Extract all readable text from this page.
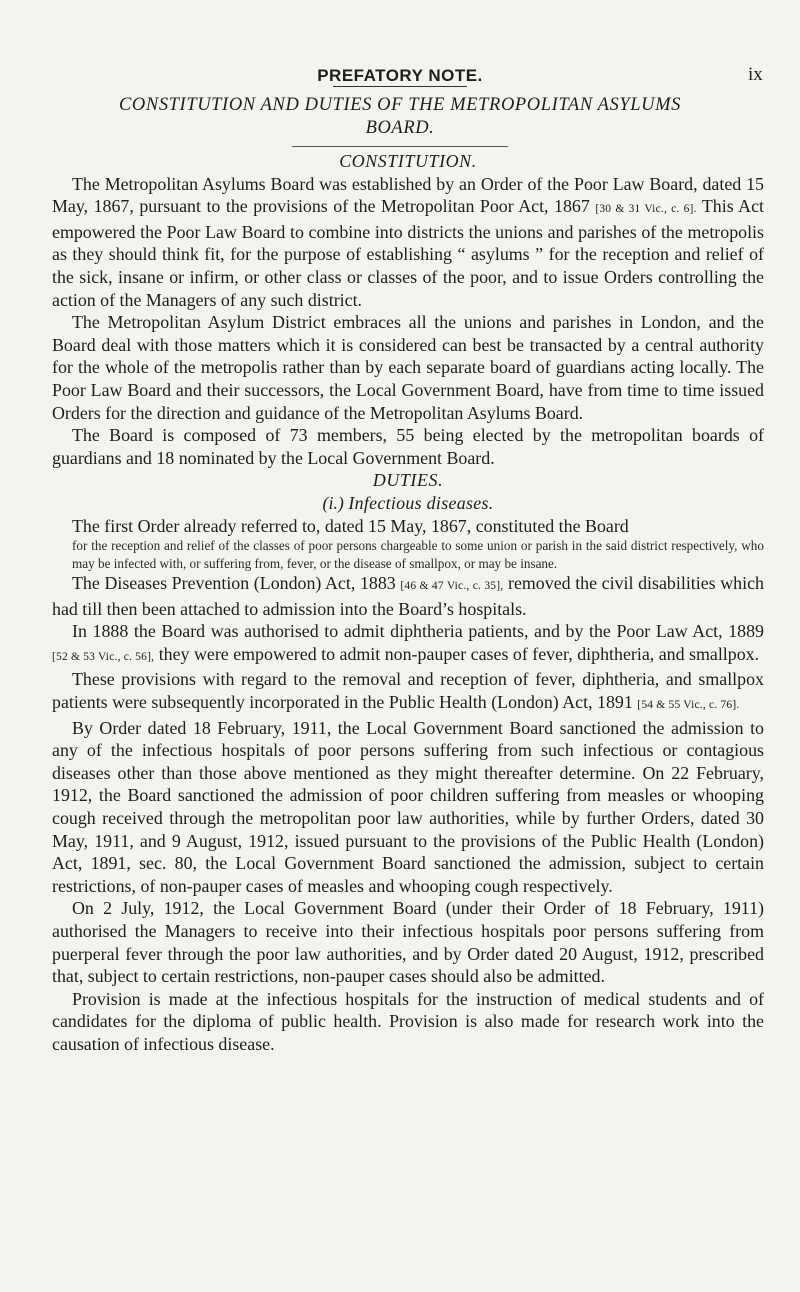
PREFATORY NOTE.	ix
CONSTITUTION AND DUTIES OF THE METROPOLITAN ASYLUMS
BOARD.
CONSTITUTION.

The Metropolitan Asylums Board was established by an Order of the Poor Law Board, dated 15 May, 1867, pursuant to the provisions of the Metropolitan Poor Act, 1867 [30 & 31 Vic., c. 6]. This Act empowered the Poor Law Board to combine into districts the unions and parishes of the metropolis as they should think fit, for the purpose of establishing “ asylums ” for the reception and relief of the sick, insane or infirm, or other class or classes of the poor, and to issue Orders controlling the action of the Managers of any such district.

The Metropolitan Asylum District embraces all the unions and parishes in London, and the Board deal with those matters which it is considered can best be transacted by a central authority for the whole of the metropolis rather than by each separate board of guardians acting locally. The Poor Law Board and their successors, the Local Government Board, have from time to time issued Orders for the direction and guidance of the Metropolitan Asylums Board.

The Board is composed of 73 members, 55 being elected by the metropolitan boards of guardians and 18 nominated by the Local Government Board.

DUTIES.
(i.) Infectious diseases.

The first Order already referred to, dated 15 May, 1867, constituted the Board

for the reception and relief of the classes of poor persons chargeable to some union or parish in the said district respectively, who may be infected with, or suffering from, fever, or the disease of smallpox, or may be insane.

The Diseases Prevention (London) Act, 1883 [46 & 47 Vic., c. 35], removed the civil disabilities which had till then been attached to admission into the Board’s hospitals.

In 1888 the Board was authorised to admit diphtheria patients, and by the Poor Law Act, 1889 [52 & 53 Vic., c. 56], they were empowered to admit non-pauper cases of fever, diphtheria, and smallpox.

These provisions with regard to the removal and reception of fever, diphtheria, and smallpox patients were subsequently incorporated in the Public Health (London) Act, 1891 [54 & 55 Vic., c. 76].

By Order dated 18 February, 1911, the Local Government Board sanctioned the admission to any of the infectious hospitals of poor persons suffering from such infectious or contagious diseases other than those above mentioned as they might thereafter determine. On 22 February, 1912, the Board sanctioned the admission of poor children suffering from measles or whooping cough received through the metropolitan poor law authorities, while by further Orders, dated 30 May, 1911, and 9 August, 1912, issued pursuant to the provisions of the Public Health (London) Act, 1891, sec. 80, the Local Government Board sanctioned the admission, subject to certain restrictions, of non-pauper cases of measles and whooping cough respectively.

On 2 July, 1912, the Local Government Board (under their Order of 18 February, 1911) authorised the Managers to receive into their infectious hospitals poor persons suffering from puerperal fever through the poor law authorities, and by Order dated 20 August, 1912, prescribed that, subject to certain restrictions, non-pauper cases should also be admitted.

Provision is made at the infectious hospitals for the instruction of medical students and of candidates for the diploma of public health. Provision is also made for research work into the causation of infectious disease.
